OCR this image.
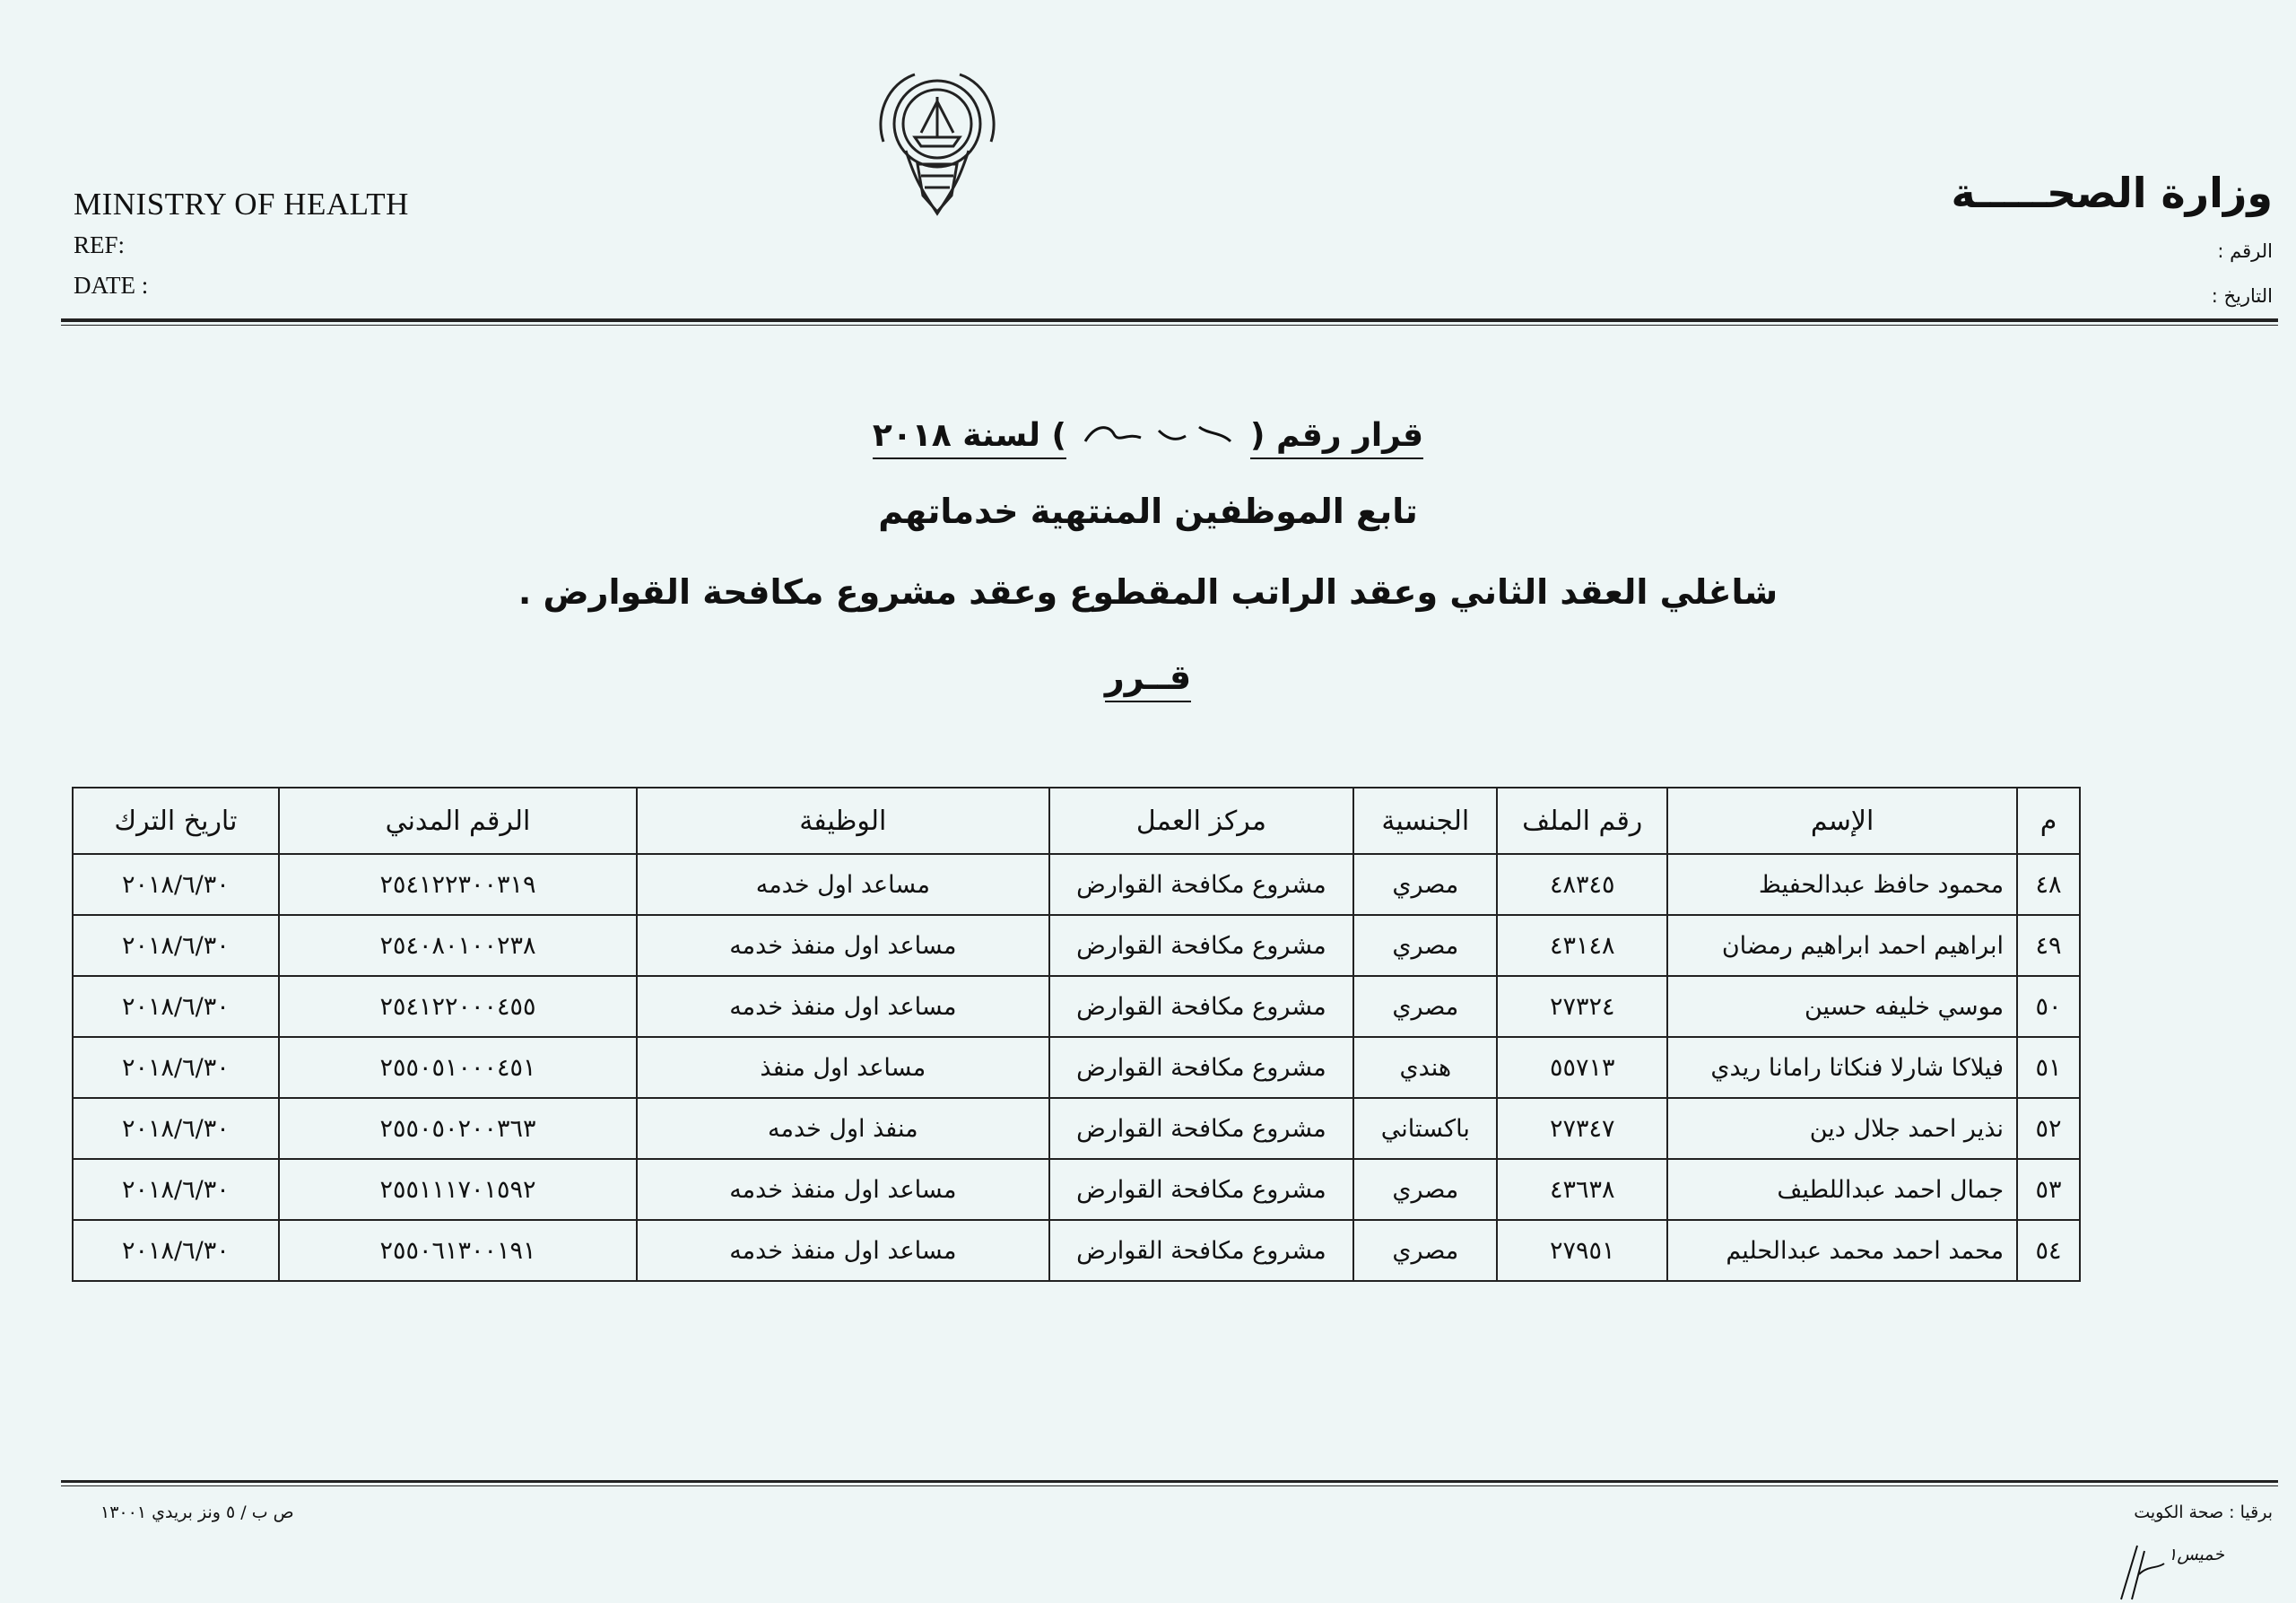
MINISTRY OF HEALTH
REF:
DATE :
وزارة الصحـــــة
الرقم :
التاريخ :
قرار رقم (  ) لسنة ٢٠١٨
تابع الموظفين المنتهية خدماتهم
شاغلي العقد الثاني وعقد الراتب المقطوع وعقد مشروع مكافحة القوارض .
قــرر
م	الإسم	رقم الملف	الجنسية	مركز العمل	الوظيفة	الرقم المدني	تاريخ الترك
٤٨	محمود حافظ عبدالحفيظ	٤٨٣٤٥	مصري	مشروع مكافحة القوارض	مساعد اول خدمه	٢٥٤١٢٢٣٠٠٣١٩	٢٠١٨/٦/٣٠
٤٩	ابراهيم احمد ابراهيم رمضان	٤٣١٤٨	مصري	مشروع مكافحة القوارض	مساعد اول منفذ خدمه	٢٥٤٠٨٠١٠٠٢٣٨	٢٠١٨/٦/٣٠
٥٠	موسي خليفه حسين	٢٧٣٢٤	مصري	مشروع مكافحة القوارض	مساعد اول منفذ خدمه	٢٥٤١٢٢٠٠٠٤٥٥	٢٠١٨/٦/٣٠
٥١	فيلاكا شارلا فنكاتا رامانا ريدي	٥٥٧١٣	هندي	مشروع مكافحة القوارض	مساعد اول منفذ	٢٥٥٠٥١٠٠٠٤٥١	٢٠١٨/٦/٣٠
٥٢	نذير احمد جلال دين	٢٧٣٤٧	باكستاني	مشروع مكافحة القوارض	منفذ اول خدمه	٢٥٥٠٥٠٢٠٠٣٦٣	٢٠١٨/٦/٣٠
٥٣	جمال احمد عبداللطيف	٤٣٦٣٨	مصري	مشروع مكافحة القوارض	مساعد اول منفذ خدمه	٢٥٥١١١٧٠١٥٩٢	٢٠١٨/٦/٣٠
٥٤	محمد احمد محمد عبدالحليم	٢٧٩٥١	مصري	مشروع مكافحة القوارض	مساعد اول منفذ خدمه	٢٥٥٠٦١٣٠٠١٩١	٢٠١٨/٦/٣٠
برقيا : صحة الكويت
ص ب / ٥ ونز بريدي ١٣٠٠١
خميس١
